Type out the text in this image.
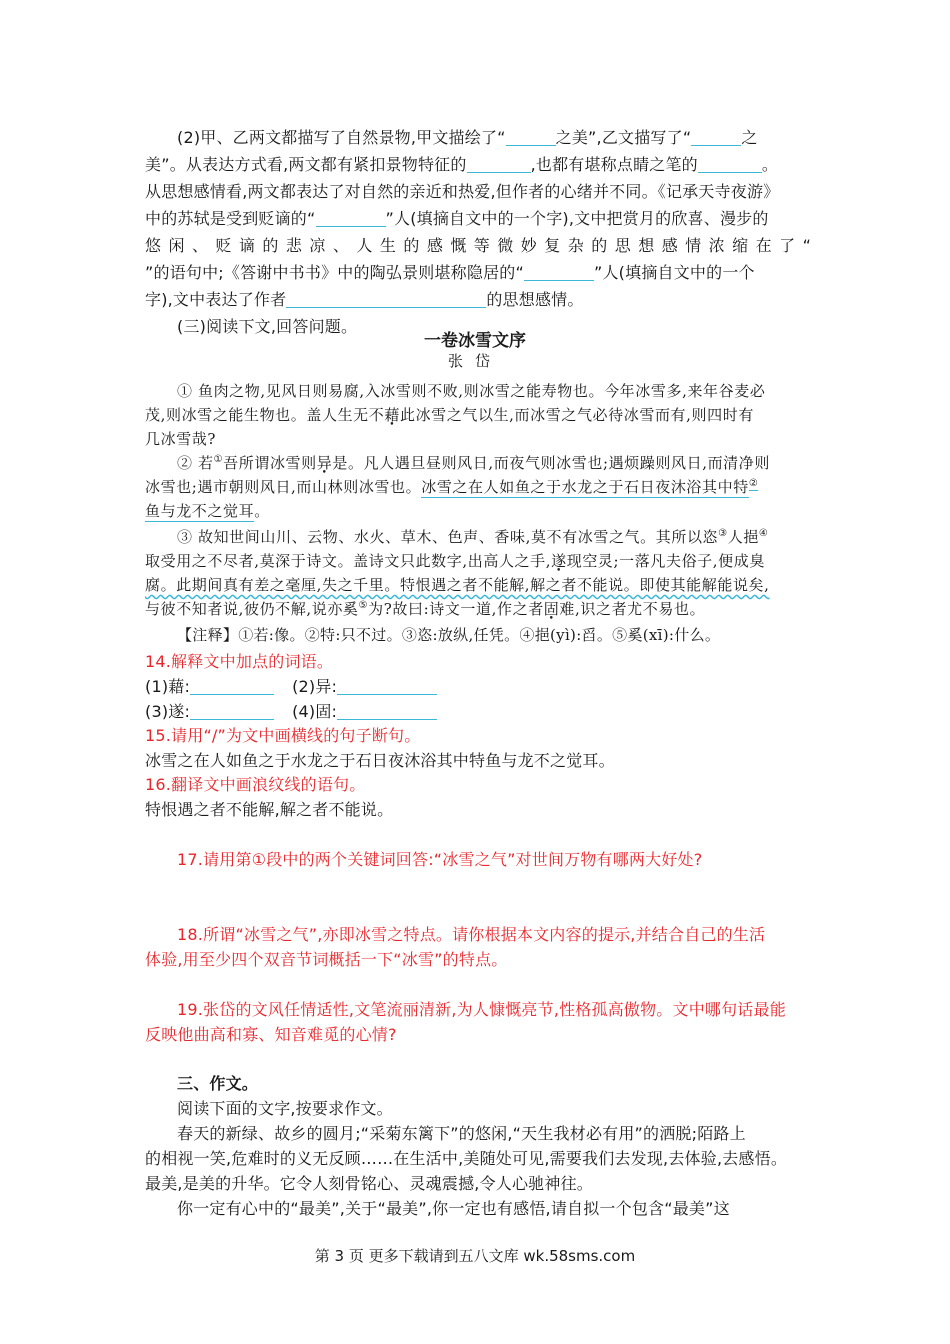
(2)甲、乙两文都描写了自然景物,甲文描绘了“	之美”,乙文描写了“	之
美”。从表达方式看,两文都有紧扣景物特征的	,也都有堪称点睛之笔的	。
从思想感情看,两文都表达了对自然的亲近和热爱,但作者的心绪并不同。《记承天寺夜游》
中的苏轼是受到贬谪的“	”人(填摘自文中的一个字),文中把赏月的欣喜、漫步的
悠 闲 、 贬 谪 的 悲 凉 、 人 生 的 感 慨 等 微 妙 复 杂 的 思 想 感 情 浓 缩 在 了 “
”的语句中;《答谢中书书》中的陶弘景则堪称隐居的“	”人(填摘自文中的一个
字),文中表达了作者	的思想感情。
(三)阅读下文,回答问题。
一卷冰雪文序
张岱
① 鱼肉之物,见风日则易腐,入冰雪则不败,则冰雪之能寿物也。今年冰雪多,来年谷麦必
茂,则冰雪之能生物也。盖人生无不藉此冰雪之气以生,而冰雪之气必待冰雪而有,则四时有
几冰雪哉?
② 若①吾所谓冰雪则异是。凡人遇旦昼则风日,而夜气则冰雪也;遇烦躁则风日,而清净则
冰雪也;遇市朝则风日,而山林则冰雪也。冰雪之在人如鱼之于水龙之于石日夜沐浴其中特②
鱼与龙不之觉耳。
③ 故知世间山川、云物、水火、草木、色声、香味,莫不有冰雪之气。其所以恣③人挹④
取受用之不尽者,莫深于诗文。盖诗文只此数字,出高人之手,遂现空灵;一落凡夫俗子,便成臭
腐。此期间真有差之毫厘,失之千里。特恨遇之者不能解,解之者不能说。即使其能解能说矣,
与彼不知者说,彼仍不解,说亦奚⑤为?故曰:诗文一道,作之者固难,识之者尤不易也。
【注释】①若:像。②特:只不过。③恣:放纵,任凭。④挹(yì):舀。⑤奚(xī):什么。
14.解释文中加点的词语。
(1)藉:	(2)异:
(3)遂:	(4)固:
15.请用“/”为文中画横线的句子断句。
冰雪之在人如鱼之于水龙之于石日夜沐浴其中特鱼与龙不之觉耳。
16.翻译文中画浪纹线的语句。
特恨遇之者不能解,解之者不能说。
17.请用第①段中的两个关键词回答:“冰雪之气”对世间万物有哪两大好处?
18.所谓“冰雪之气”,亦即冰雪之特点。请你根据本文内容的提示,并结合自己的生活
体验,用至少四个双音节词概括一下“冰雪”的特点。
19.张岱的文风任情适性,文笔流丽清新,为人慷慨亮节,性格孤高傲物。文中哪句话最能
反映他曲高和寡、知音难觅的心情?
三、作文。
阅读下面的文字,按要求作文。
春天的新绿、故乡的圆月;“采菊东篱下”的悠闲,“天生我材必有用”的洒脱;陌路上
的相视一笑,危难时的义无反顾……在生活中,美随处可见,需要我们去发现,去体验,去感悟。
最美,是美的升华。它令人刻骨铭心、灵魂震撼,令人心驰神往。
你一定有心中的“最美”,关于“最美”,你一定也有感悟,请自拟一个包含“最美”这
第 3 页 更多下载请到五八文库 wk.58sms.com
